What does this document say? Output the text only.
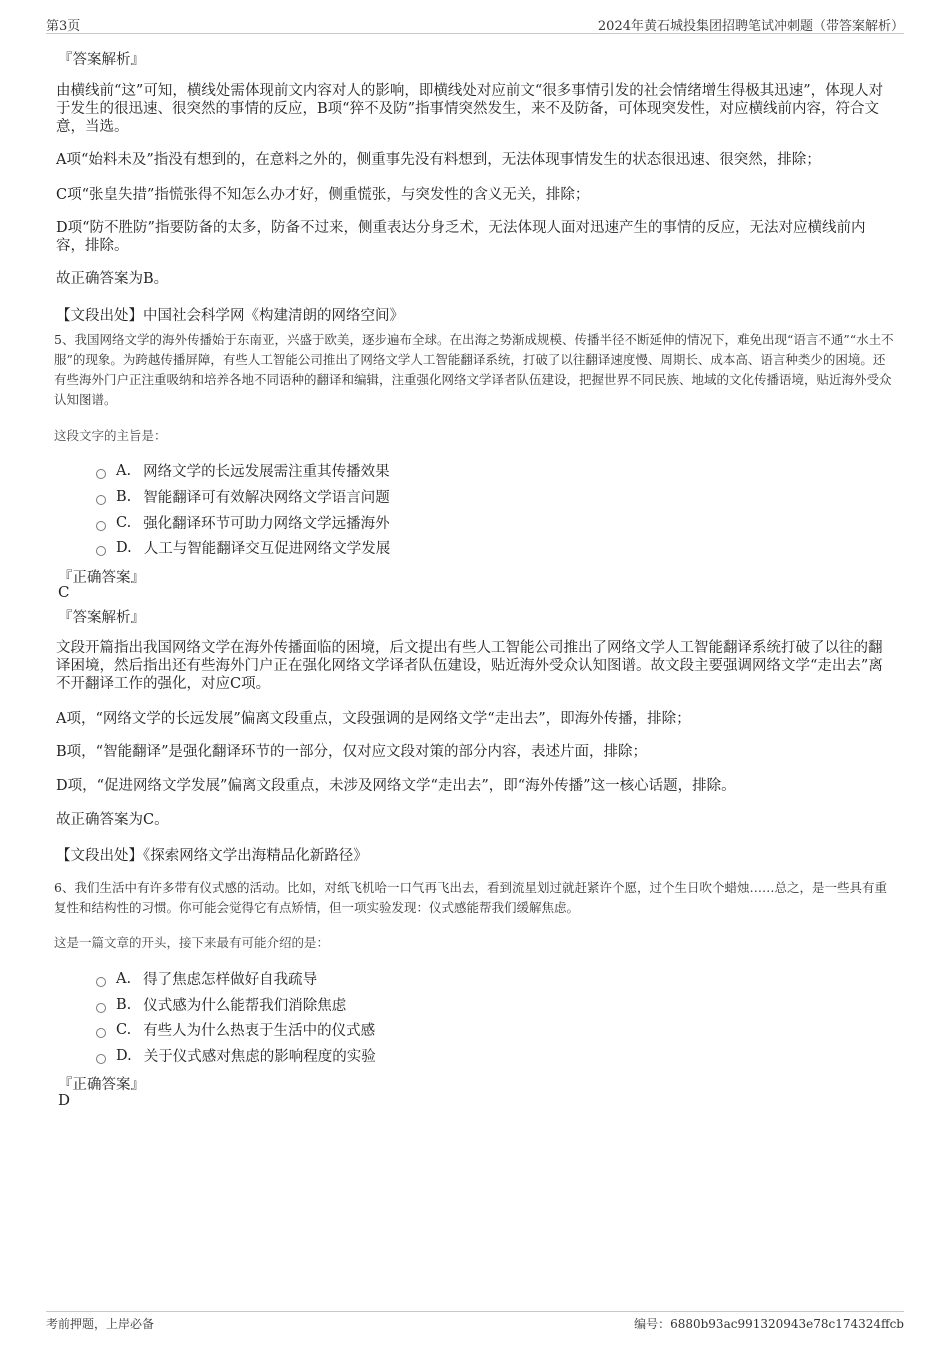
第3页	2024年黄石城投集团招聘笔试冲刺题（带答案解析）
『答案解析』
由横线前“这”可知，横线处需体现前文内容对人的影响，即横线处对应前文“很多事情引发的社会情绪增生得极其迅速”，体现人对于发生的很迅速、很突然的事情的反应，B项“猝不及防”指事情突然发生，来不及防备，可体现突发性，对应横线前内容，符合文意，当选。
A项“始料未及”指没有想到的，在意料之外的，侧重事先没有料想到，无法体现事情发生的状态很迅速、很突然，排除；
C项“张皇失措”指慌张得不知怎么办才好，侧重慌张，与突发性的含义无关，排除；
D项“防不胜防”指要防备的太多，防备不过来，侧重表达分身乏术，无法体现人面对迅速产生的事情的反应，无法对应横线前内容，排除。
故正确答案为B。
【文段出处】中国社会科学网《构建清朗的网络空间》
5、我国网络文学的海外传播始于东南亚，兴盛于欧美，逐步遍布全球。在出海之势渐成规模、传播半径不断延伸的情况下，难免出现“语言不通”“水土不服”的现象。为跨越传播屏障，有些人工智能公司推出了网络文学人工智能翻译系统，打破了以往翻译速度慢、周期长、成本高、语言种类少的困境。还有些海外门户正注重吸纳和培养各地不同语种的翻译和编辑，注重强化网络文学译者队伍建设，把握世界不同民族、地域的文化传播语境，贴近海外受众认知图谱。
这段文字的主旨是：
A. 网络文学的长远发展需注重其传播效果
B. 智能翻译可有效解决网络文学语言问题
C. 强化翻译环节可助力网络文学远播海外
D. 人工与智能翻译交互促进网络文学发展
『正确答案』
C
『答案解析』
文段开篇指出我国网络文学在海外传播面临的困境，后文提出有些人工智能公司推出了网络文学人工智能翻译系统打破了以往的翻译困境，然后指出还有些海外门户正在强化网络文学译者队伍建设，贴近海外受众认知图谱。故文段主要强调网络文学“走出去”离不开翻译工作的强化，对应C项。
A项，“网络文学的长远发展”偏离文段重点，文段强调的是网络文学“走出去”，即海外传播，排除；
B项，“智能翻译”是强化翻译环节的一部分，仅对应文段对策的部分内容，表述片面，排除；
D项，“促进网络文学发展”偏离文段重点，未涉及网络文学“走出去”，即“海外传播”这一核心话题，排除。
故正确答案为C。
【文段出处】《探索网络文学出海精品化新路径》
6、我们生活中有许多带有仪式感的活动。比如，对纸飞机哈一口气再飞出去，看到流星划过就赶紧许个愿，过个生日吹个蜡烛……总之，是一些具有重复性和结构性的习惯。你可能会觉得它有点矫情，但一项实验发现：仪式感能帮我们缓解焦虑。
这是一篇文章的开头，接下来最有可能介绍的是：
A. 得了焦虑怎样做好自我疏导
B. 仪式感为什么能帮我们消除焦虑
C. 有些人为什么热衷于生活中的仪式感
D. 关于仪式感对焦虑的影响程度的实验
『正确答案』
D
考前押题，上岸必备	编号：6880b93ac991320943e78c174324ffcb
